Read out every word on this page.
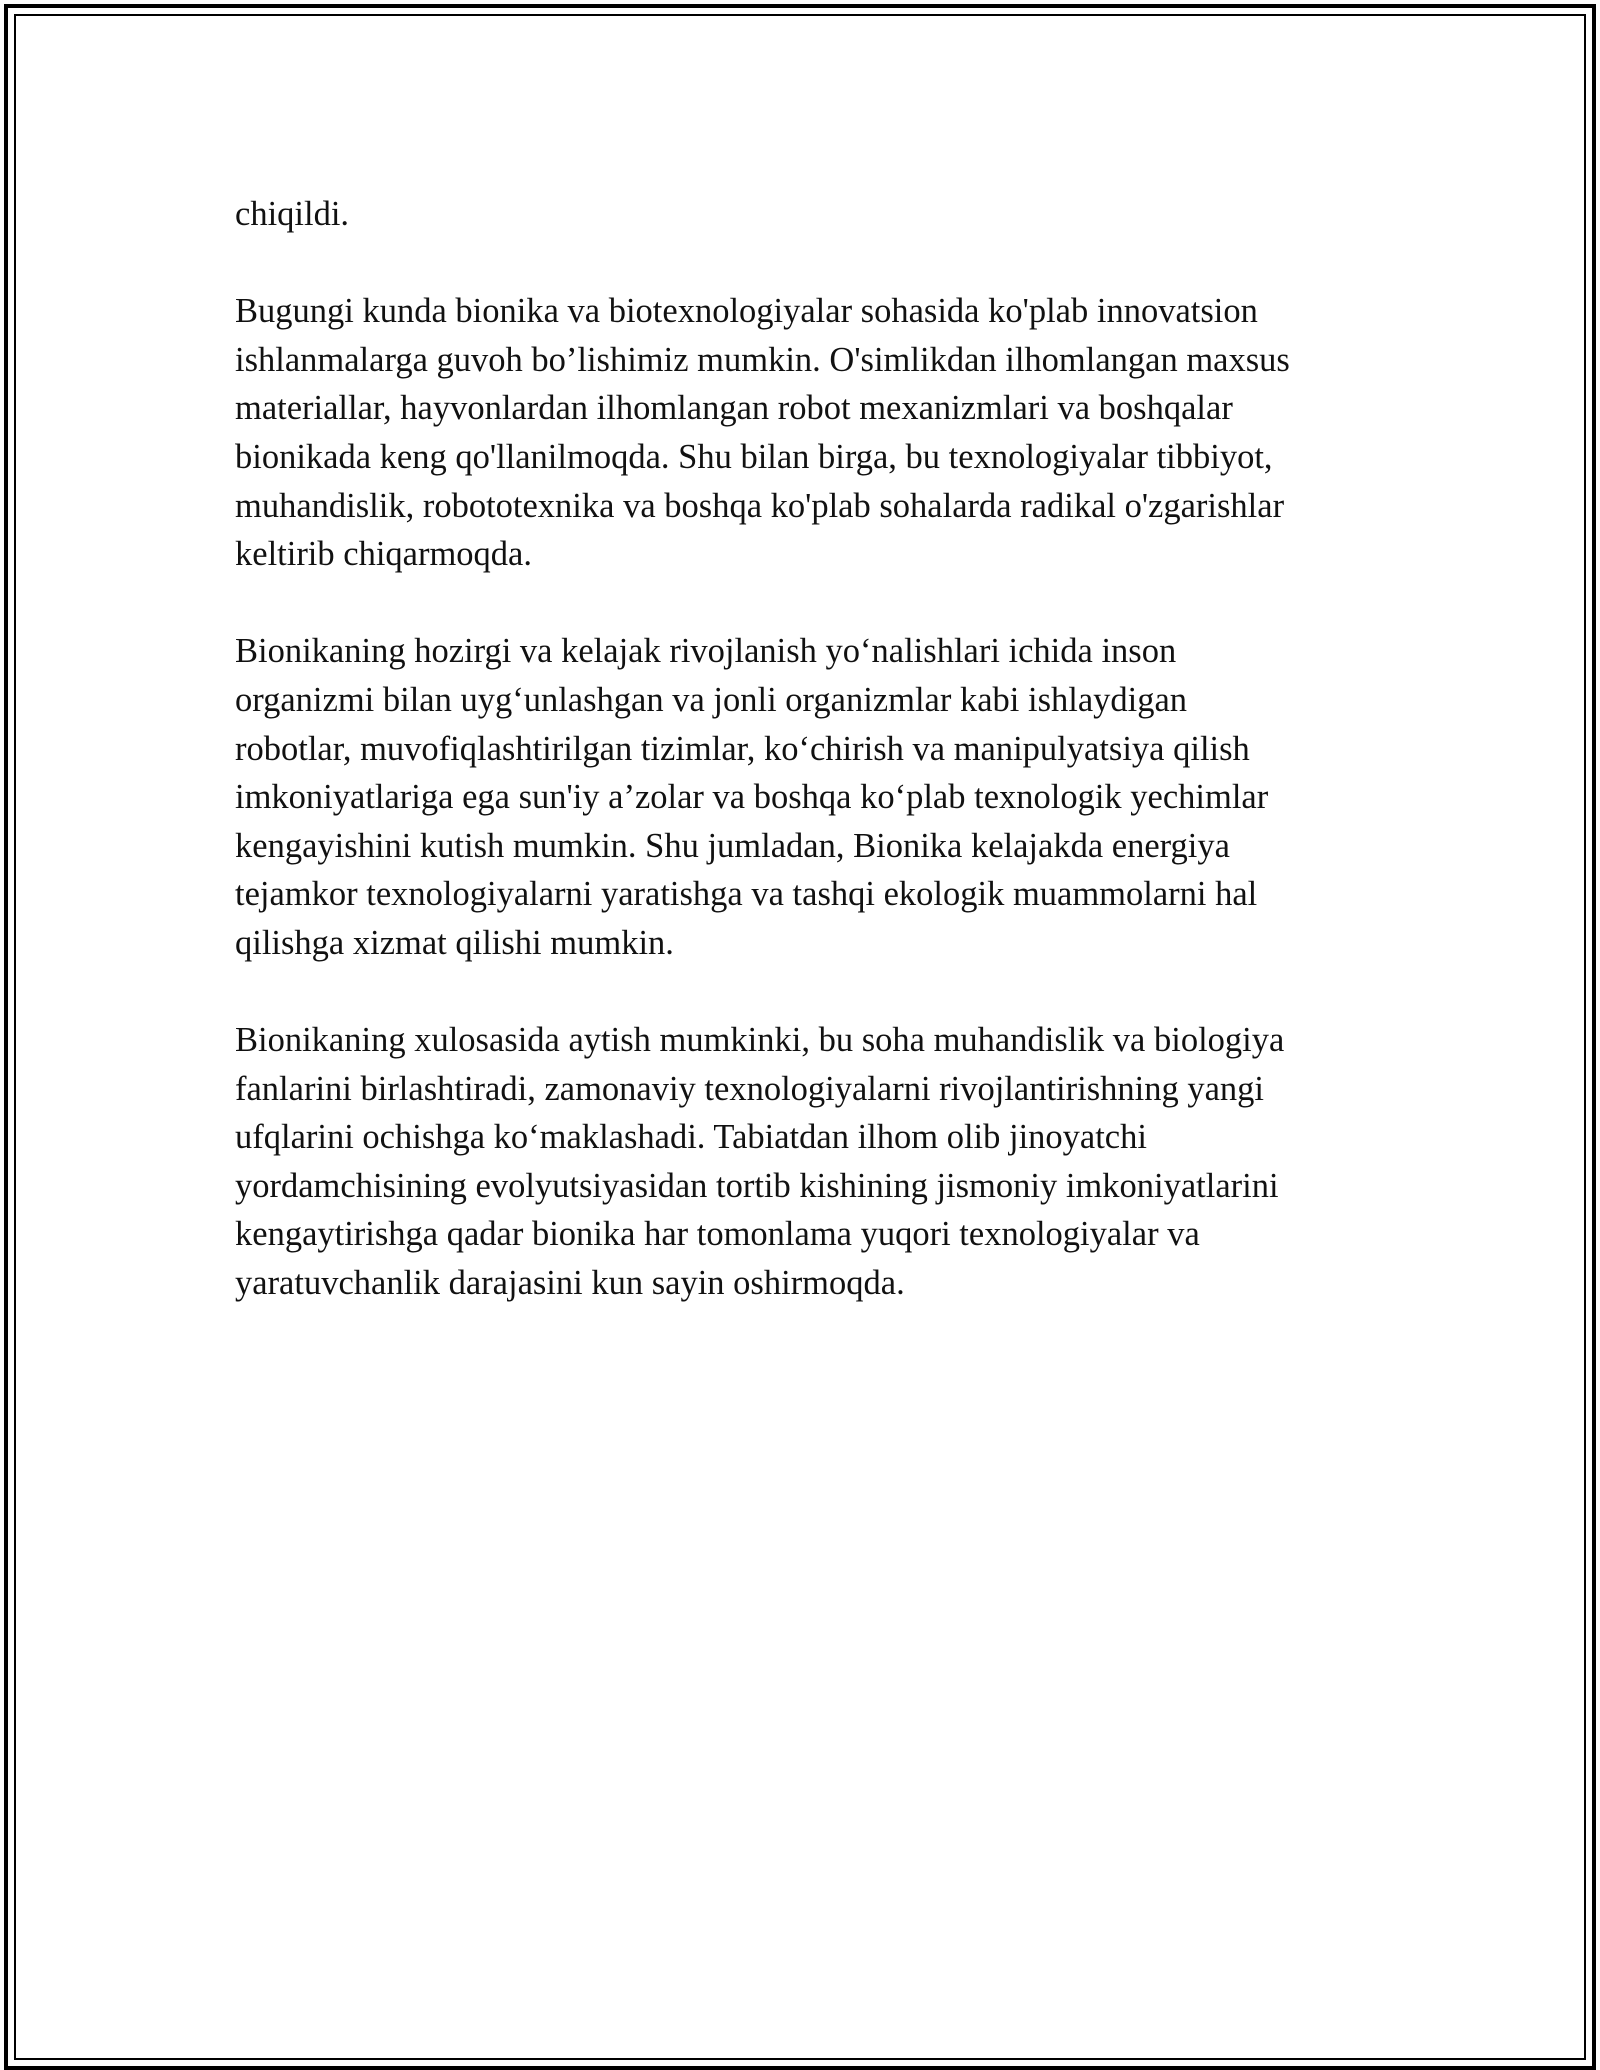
chiqildi.

Bugungi kunda bionika va biotexnologiyalar sohasida ko'plab innovatsion
ishlanmalarga guvoh bo’lishimiz mumkin. O'simlikdan ilhomlangan maxsus
materiallar, hayvonlardan ilhomlangan robot mexanizmlari va boshqalar
bionikada keng qo'llanilmoqda. Shu bilan birga, bu texnologiyalar tibbiyot,
muhandislik, robototexnika va boshqa ko'plab sohalarda radikal o'zgarishlar
keltirib chiqarmoqda.

Bionikaning hozirgi va kelajak rivojlanish yo‘nalishlari ichida inson
organizmi bilan uyg‘unlashgan va jonli organizmlar kabi ishlaydigan
robotlar, muvofiqlashtirilgan tizimlar, ko‘chirish va manipulyatsiya qilish
imkoniyatlariga ega sun'iy a’zolar va boshqa ko‘plab texnologik yechimlar
kengayishini kutish mumkin. Shu jumladan, Bionika kelajakda energiya
tejamkor texnologiyalarni yaratishga va tashqi ekologik muammolarni hal
qilishga xizmat qilishi mumkin.

Bionikaning xulosasida aytish mumkinki, bu soha muhandislik va biologiya
fanlarini birlashtiradi, zamonaviy texnologiyalarni rivojlantirishning yangi
ufqlarini ochishga ko‘maklashadi. Tabiatdan ilhom olib jinoyatchi
yordamchisining evolyutsiyasidan tortib kishining jismoniy imkoniyatlarini
kengaytirishga qadar bionika har tomonlama yuqori texnologiyalar va
yaratuvchanlik darajasini kun sayin oshirmoqda.
